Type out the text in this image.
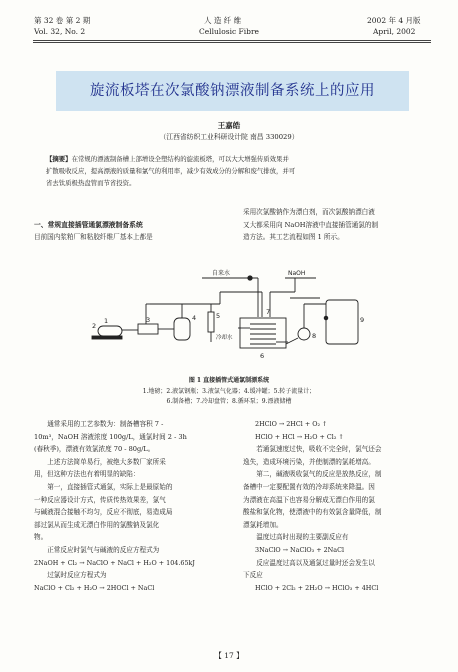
第 32 卷 第 2 期
Vol. 32, No. 2
人 造 纤 维
Cellulosic Fibre
2002 年 4 月版
April, 2002
旋流板塔在次氯酸钠漂液制备系统上的应用
王嘉皓
（江西省纺织工业科研设计院 南昌 330029）
【摘要】在常规的漂液制备槽上部增设全塑结构的旋流板塔，可以大大增强传质效果并
扩散吸收反应，提高漂液的质量和氯气的利用率，减少有效成分的分解和废气排放，并可
省去钛质极热盘管而节省投资。
一、常规直接插管通氯漂液制备系统
目前国内浆粕厂和粘胶纤维厂基本上都是
采用次氯酸钠作为漂白剂，而次氯酸钠漂白液
又大都采用向 NaOH溶液中直接插管通氯的制
造方法。其工艺流程如图 1 所示。
自来水	NaOH
冷却水
1
2
3	4	5
6
7
8
9
图 1 直接插管式通氯制漂系统
1.地磅；2.液氯钢瓶；3.液氯气化器；4.缓冲罐；5.转子流量计；
6.制备槽；7.冷却盘管；8.循环泵；9.漂液储槽
通常采用的工艺参数为：制备槽容积 7 -
10m³，NaOH 溶液浓度 100g/L，通氯时间 2 - 3h
(春秋季)，漂液有效氯浓度 70 - 80g/L。
上述方法简单易行，被绝大多数厂家所采
用，但这种方法也有着明显的缺陷：
第一，直接插管式通氯，实际上是最原始的
一种反应器设计方式，传质传热效果差，氯气
与碱液混合接触不均匀，反应不彻底，易造成局
部过氯从而生成无漂白作用的氯酸钠及氯化
物。
正常反应时氯气与碱液的反应方程式为
2NaOH + Cl₂ → NaClO + NaCl + H₂O + 104.65kJ
过氯时反应方程式为
NaClO + Cl₂ + H₂O → 2HOCl + NaCl
2HClO → 2HCl + O₂ ↑
HClO + HCl → H₂O + Cl₂ ↑
若通氯速度过快，吸收不完全时，氯气还会
逸失，造成环境污染，并使制漂的氯耗增高。
第二，碱液吸收氯气的反应是放热反应，制
备槽中一定要配置有效的冷却系统来降温。因
为漂液在高温下也容易分解成无漂白作用的氯
酸盐和氯化物，使漂液中的有效氯含量降低，制
漂氯耗增加。
温度过高时出现的主要副反应有
3NaClO → NaClO₃ + 2NaCl
反应温度过高以及通氯过量时还会发生以
下反应
HClO + 2Cl₂ + 2H₂O → HClO₃ + 4HCl
【 17 】
